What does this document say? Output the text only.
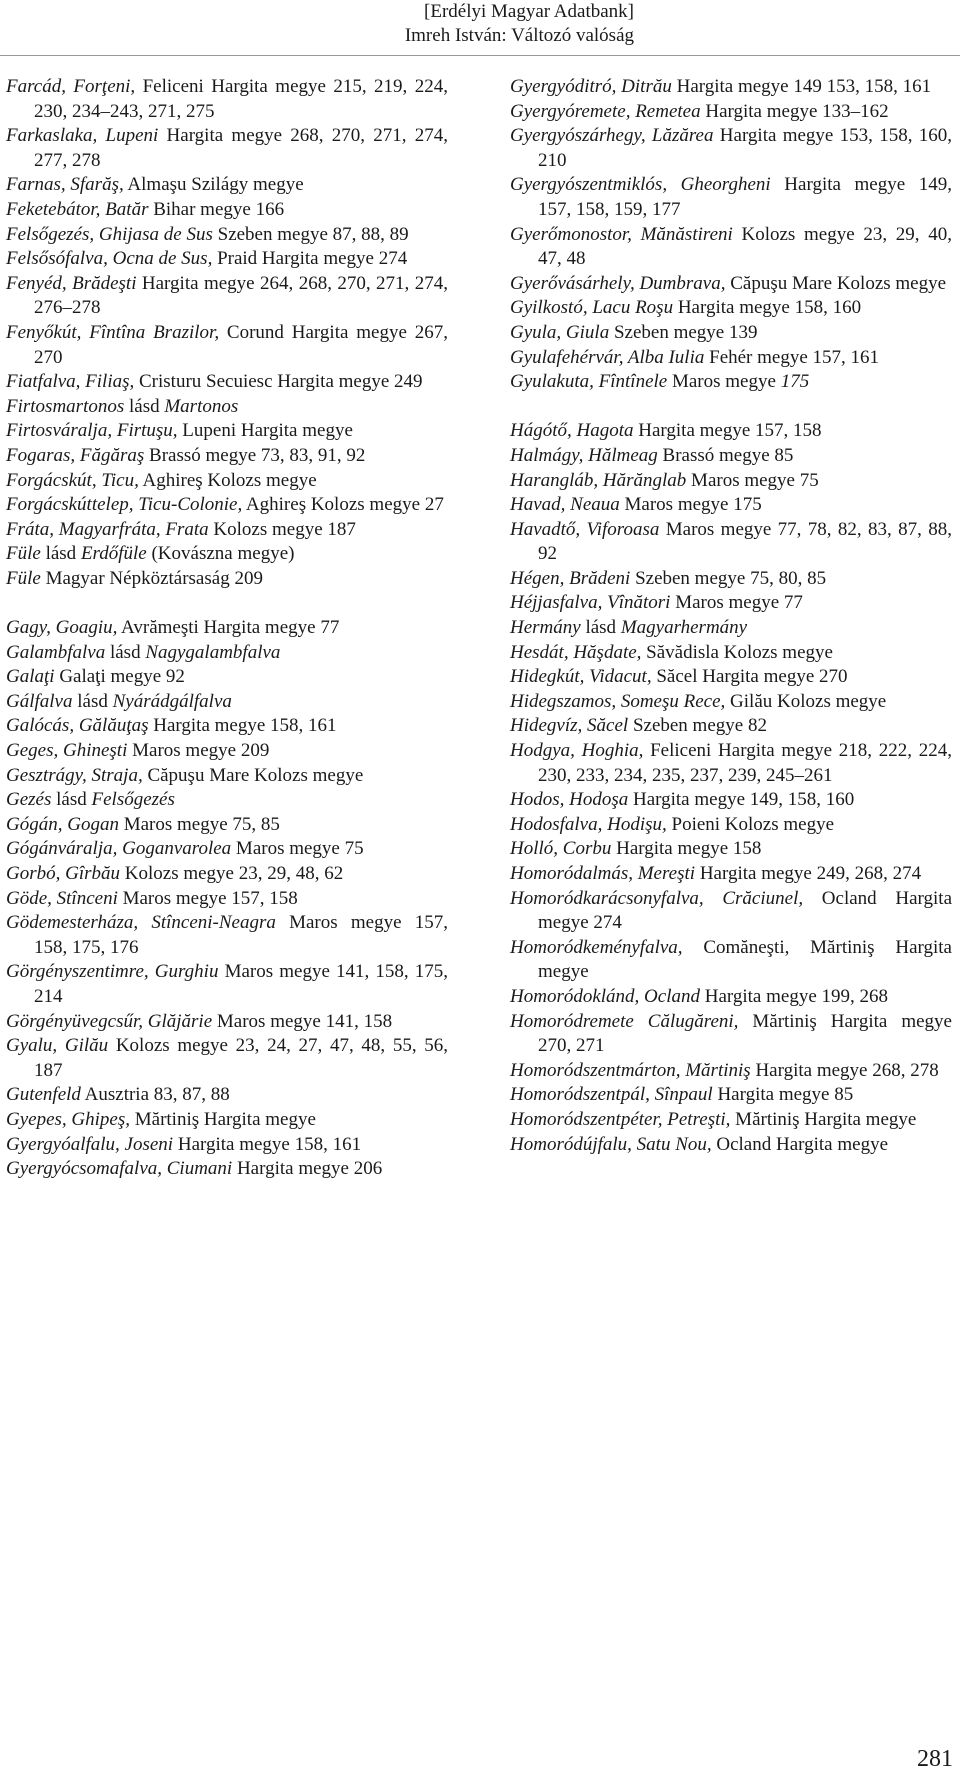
[Erdélyi Magyar Adatbank]
Imreh István: Változó valóság

Farcád, Forţeni, Feliceni Hargita megye 215, 219, 224, 230, 234–243, 271, 275

Farkaslaka, Lupeni Hargita megye 268, 270, 271, 274, 277, 278

Farnas, Sfarăş, Almaşu Szilágy megye

Feketebátor, Batăr Bihar megye 166

Felsőgezés, Ghijasa de Sus Szeben megye 87, 88, 89

Felsősófalva, Ocna de Sus, Praid Hargita megye 274

Fenyéd, Brădeşti Hargita megye 264, 268, 270, 271, 274, 276–278

Fenyőkút, Fîntîna Brazilor, Corund Hargita megye 267, 270

Fiatfalva, Filiaş, Cristuru Secuiesc Hargita megye 249

Firtosmartonos lásd Martonos

Firtosváralja, Firtuşu, Lupeni Hargita megye

Fogaras, Făgăraş Brassó megye 73, 83, 91, 92

Forgácskút, Ticu, Aghireş Kolozs megye

Forgácskúttelep, Ticu-Colonie, Aghireş Kolozs megye 27

Fráta, Magyarfráta, Frata Kolozs megye 187

Füle lásd Erdőfüle (Kovászna megye)

Füle Magyar Népköztársaság 209

Gagy, Goagiu, Avrămeşti Hargita megye 77

Galambfalva lásd Nagygalambfalva

Galaţi Galaţi megye 92

Gálfalva lásd Nyárádgálfalva

Galócás, Gălăuţaş Hargita megye 158, 161

Geges, Ghineşti Maros megye 209

Gesztrágy, Straja, Căpuşu Mare Kolozs megye

Gezés lásd Felsőgezés

Gógán, Gogan Maros megye 75, 85

Gógánváralja, Goganvarolea Maros megye 75

Gorbó, Gîrbău Kolozs megye 23, 29, 48, 62

Göde, Stînceni Maros megye 157, 158

Gödemesterháza, Stînceni-Neagra Maros megye 157, 158, 175, 176

Görgényszentimre, Gurghiu Maros megye 141, 158, 175, 214

Görgényüvegcsűr, Glăjărie Maros megye 141, 158

Gyalu, Gilău Kolozs megye 23, 24, 27, 47, 48, 55, 56, 187

Gutenfeld Ausztria 83, 87, 88

Gyepes, Ghipeş, Mărtiniş Hargita megye

Gyergyóalfalu, Joseni Hargita megye 158, 161

Gyergyócsomafalva, Ciumani Hargita megye 206

Gyergyóditró, Ditrău Hargita megye 149 153, 158, 161

Gyergyóremete, Remetea Hargita megye 133–162

Gyergyószárhegy, Lăzărea Hargita megye 153, 158, 160, 210

Gyergyószentmiklós, Gheorgheni Hargita megye 149, 157, 158, 159, 177

Gyerőmonostor, Mănăstireni Kolozs megye 23, 29, 40, 47, 48

Gyerővásárhely, Dumbrava, Căpuşu Mare Kolozs megye

Gyilkostó, Lacu Roşu Hargita megye 158, 160

Gyula, Giula Szeben megye 139

Gyulafehérvár, Alba Iulia Fehér megye 157, 161

Gyulakuta, Fîntînele Maros megye 175

Hágótő, Hagota Hargita megye 157, 158

Halmágy, Hălmeag Brassó megye 85

Harangláb, Hărănglab Maros megye 75

Havad, Neaua Maros megye 175

Havadtő, Viforoasa Maros megye 77, 78, 82, 83, 87, 88, 92

Hégen, Brădeni Szeben megye 75, 80, 85

Héjjasfalva, Vînători Maros megye 77

Hermány lásd Magyarhermány

Hesdát, Hăşdate, Săvădisla Kolozs megye

Hidegkút, Vidacut, Săcel Hargita megye 270

Hidegszamos, Someşu Rece, Gilău Kolozs megye

Hidegvíz, Săcel Szeben megye 82

Hodgya, Hoghia, Feliceni Hargita megye 218, 222, 224, 230, 233, 234, 235, 237, 239, 245–261

Hodos, Hodoşa Hargita megye 149, 158, 160

Hodosfalva, Hodişu, Poieni Kolozs megye

Holló, Corbu Hargita megye 158

Homoródalmás, Mereşti Hargita megye 249, 268, 274

Homoródkarácsonyfalva, Crăciunel, Ocland Hargita megye 274

Homoródkeményfalva, Comăneşti, Mărtiniş Hargita megye

Homoródoklánd, Ocland Hargita megye 199, 268

Homoródremete Călugăreni, Mărtiniş Hargita megye 270, 271

Homoródszentmárton, Mărtiniş Hargita megye 268, 278

Homoródszentpál, Sînpaul Hargita megye 85

Homoródszentpéter, Petreşti, Mărtiniş Hargita megye

Homoródújfalu, Satu Nou, Ocland Hargita megye

281
